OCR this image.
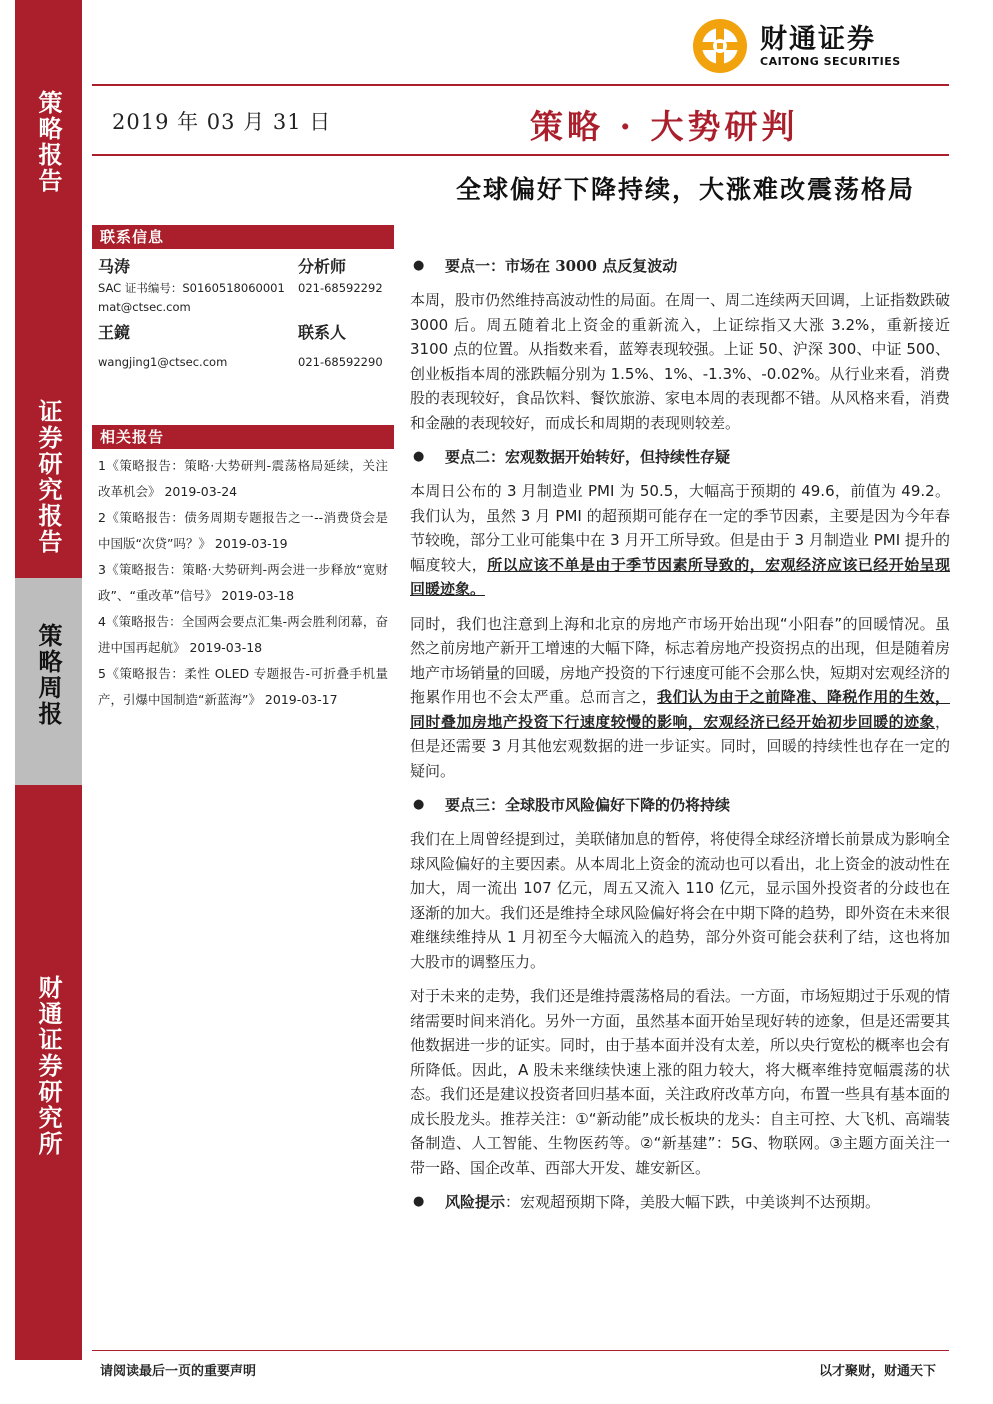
策略报告
证券研究报告
策略周报
财通证券研究所
财通证券
CAITONG SECURITIES
2019 年 03 月 31 日	策略 · 大势研判
全球偏好下降持续，大涨难改震荡格局
联系信息
马涛	分析师
SAC 证书编号：S0160518060001 021-68592292
mat@ctsec.com
王鏡	联系人
wangjing1@ctsec.com	021-68592290
相关报告
1《策略报告：策略·大势研判-震荡格局延续，关注改革机会》 2019-03-24
2《策略报告：债务周期专题报告之一--消费贷会是中国版“次贷”吗？》 2019-03-19
3《策略报告：策略·大势研判-两会进一步释放“宽财政”、“重改革”信号》 2019-03-18
4《策略报告：全国两会要点汇集-两会胜利闭幕，奋进中国再起航》 2019-03-18
5《策略报告：柔性 OLED 专题报告-可折叠手机量产，引爆中国制造“新蓝海”》 2019-03-17
● 要点一：市场在 3000 点反复波动

本周，股市仍然维持高波动性的局面。在周一、周二连续两天回调，上证指数跌破 3000 后。周五随着北上资金的重新流入，上证综指又大涨 3.2%，重新接近 3100 点的位置。从指数来看，蓝筹表现较强。上证 50、沪深 300、中证 500、创业板指本周的涨跌幅分别为 1.5%、1%、-1.3%、-0.02%。从行业来看，消费股的表现较好，食品饮料、餐饮旅游、家电本周的表现都不错。从风格来看，消费和金融的表现较好，而成长和周期的表现则较差。

● 要点二：宏观数据开始转好，但持续性存疑

本周日公布的 3 月制造业 PMI 为 50.5，大幅高于预期的 49.6，前值为 49.2。我们认为，虽然 3 月 PMI 的超预期可能存在一定的季节因素，主要是因为今年春节较晚，部分工业可能集中在 3 月开工所导致。但是由于 3 月制造业 PMI 提升的幅度较大，所以应该不单是由于季节因素所导致的，宏观经济应该已经开始呈现回暖迹象。

同时，我们也注意到上海和北京的房地产市场开始出现“小阳春”的回暖情况。虽然之前房地产新开工增速的大幅下降，标志着房地产投资拐点的出现，但是随着房地产市场销量的回暖，房地产投资的下行速度可能不会那么快，短期对宏观经济的拖累作用也不会太严重。总而言之，我们认为由于之前降准、降税作用的生效，同时叠加房地产投资下行速度较慢的影响，宏观经济已经开始初步回暖的迹象，但是还需要 3 月其他宏观数据的进一步证实。同时，回暖的持续性也存在一定的疑问。

● 要点三：全球股市风险偏好下降的仍将持续

我们在上周曾经提到过，美联储加息的暂停，将使得全球经济增长前景成为影响全球风险偏好的主要因素。从本周北上资金的流动也可以看出，北上资金的波动性在加大，周一流出 107 亿元，周五又流入 110 亿元，显示国外投资者的分歧也在逐渐的加大。我们还是维持全球风险偏好将会在中期下降的趋势，即外资在未来很难继续维持从 1 月初至今大幅流入的趋势，部分外资可能会获利了结，这也将加大股市的调整压力。

对于未来的走势，我们还是维持震荡格局的看法。一方面，市场短期过于乐观的情绪需要时间来消化。另外一方面，虽然基本面开始呈现好转的迹象，但是还需要其他数据进一步的证实。同时，由于基本面并没有太差，所以央行宽松的概率也会有所降低。因此，A 股未来继续快速上涨的阻力较大，将大概率维持宽幅震荡的状态。我们还是建议投资者回归基本面，关注政府改革方向，布置一些具有基本面的成长股龙头。推荐关注：①“新动能”成长板块的龙头：自主可控、大飞机、高端装备制造、人工智能、生物医药等。②“新基建”：5G、物联网。③主题方面关注一带一路、国企改革、西部大开发、雄安新区。

● 风险提示：宏观超预期下降，美股大幅下跌，中美谈判不达预期。
请阅读最后一页的重要声明	以才聚财，财通天下
